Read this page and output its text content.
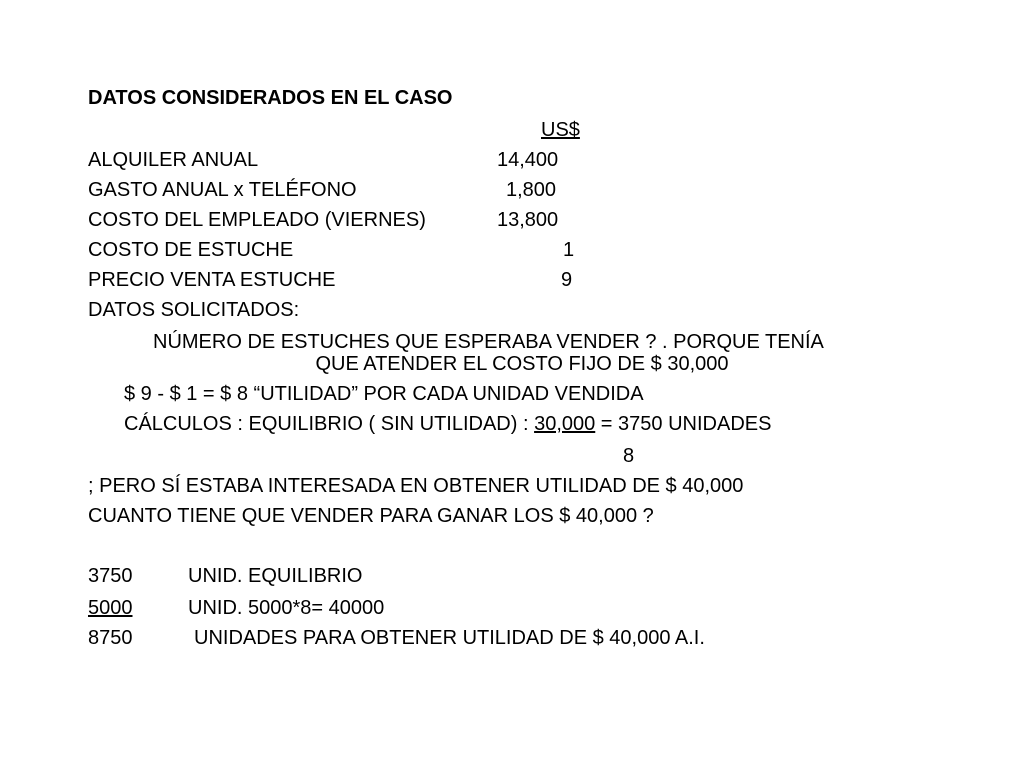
DATOS CONSIDERADOS EN EL CASO
US$
ALQUILER ANUAL	14,400
GASTO ANUAL x TELÉFONO	1,800
COSTO DEL EMPLEADO (VIERNES)	13,800
COSTO DE ESTUCHE	1
PRECIO VENTA ESTUCHE	9
DATOS SOLICITADOS:
NÚMERO DE ESTUCHES QUE ESPERABA VENDER ? . PORQUE TENÍA
QUE ATENDER EL COSTO FIJO DE $ 30,000
$ 9 - $ 1 = $ 8 “UTILIDAD” POR CADA UNIDAD VENDIDA
CÁLCULOS : EQUILIBRIO ( SIN UTILIDAD) : 30,000 = 3750 UNIDADES
8
; PERO SÍ ESTABA INTERESADA EN OBTENER UTILIDAD DE $ 40,000
CUANTO TIENE QUE VENDER PARA GANAR LOS $ 40,000 ?
3750	UNID. EQUILIBRIO
5000	UNID. 5000*8= 40000
8750	UNIDADES PARA OBTENER UTILIDAD DE $ 40,000 A.I.
